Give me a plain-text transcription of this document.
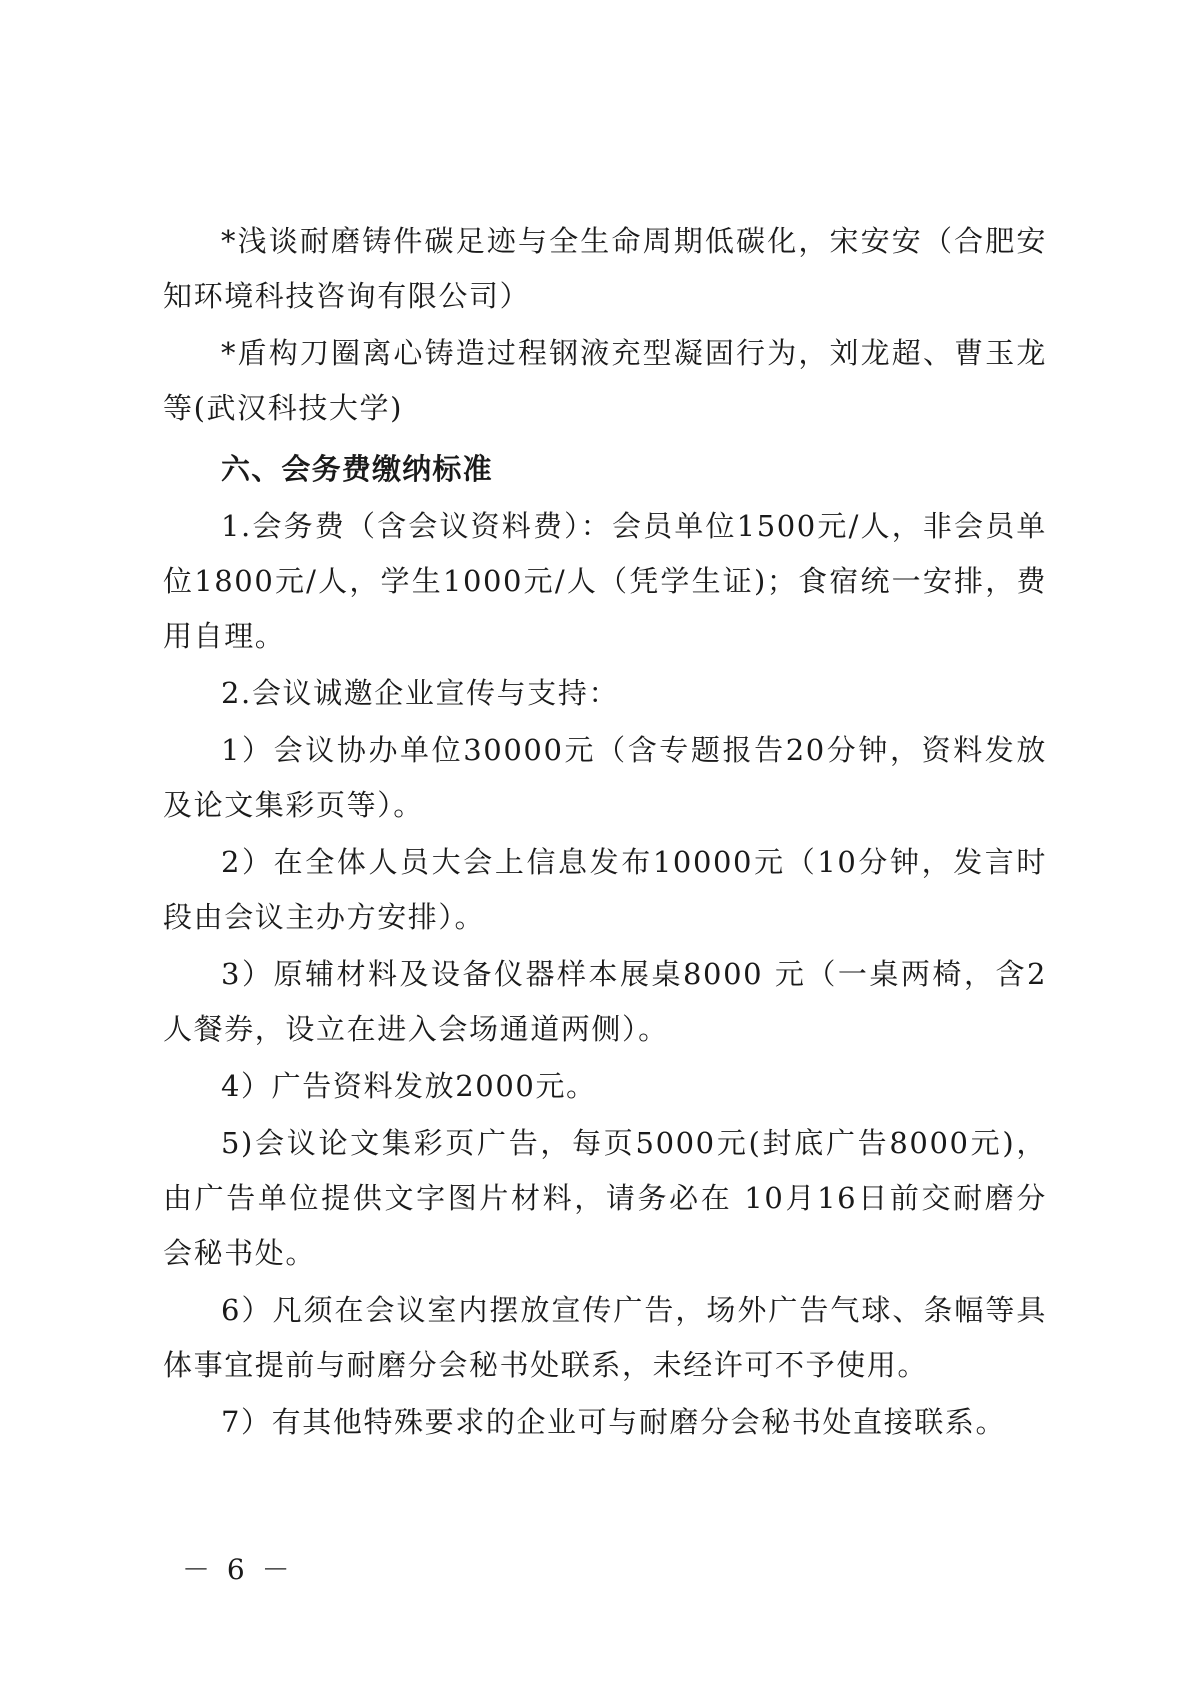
*浅谈耐磨铸件碳足迹与全生命周期低碳化，宋安安（合肥安知环境科技咨询有限公司）

*盾构刀圈离心铸造过程钢液充型凝固行为，刘龙超、曹玉龙等(武汉科技大学)

六、会务费缴纳标准

1.会务费（含会议资料费）：会员单位1500元/人，非会员单位1800元/人，学生1000元/人（凭学生证)；食宿统一安排，费用自理。

2.会议诚邀企业宣传与支持：

1）会议协办单位30000元（含专题报告20分钟，资料发放及论文集彩页等）。

2）在全体人员大会上信息发布10000元（10分钟，发言时段由会议主办方安排）。

3）原辅材料及设备仪器样本展桌8000 元（一桌两椅，含2人餐券，设立在进入会场通道两侧）。

4）广告资料发放2000元。

5)会议论文集彩页广告，每页5000元(封底广告8000元)，由广告单位提供文字图片材料，请务必在 10月16日前交耐磨分会秘书处。

6）凡须在会议室内摆放宣传广告，场外广告气球、条幅等具体事宜提前与耐磨分会秘书处联系，未经许可不予使用。

7）有其他特殊要求的企业可与耐磨分会秘书处直接联系。

－ 6 －
